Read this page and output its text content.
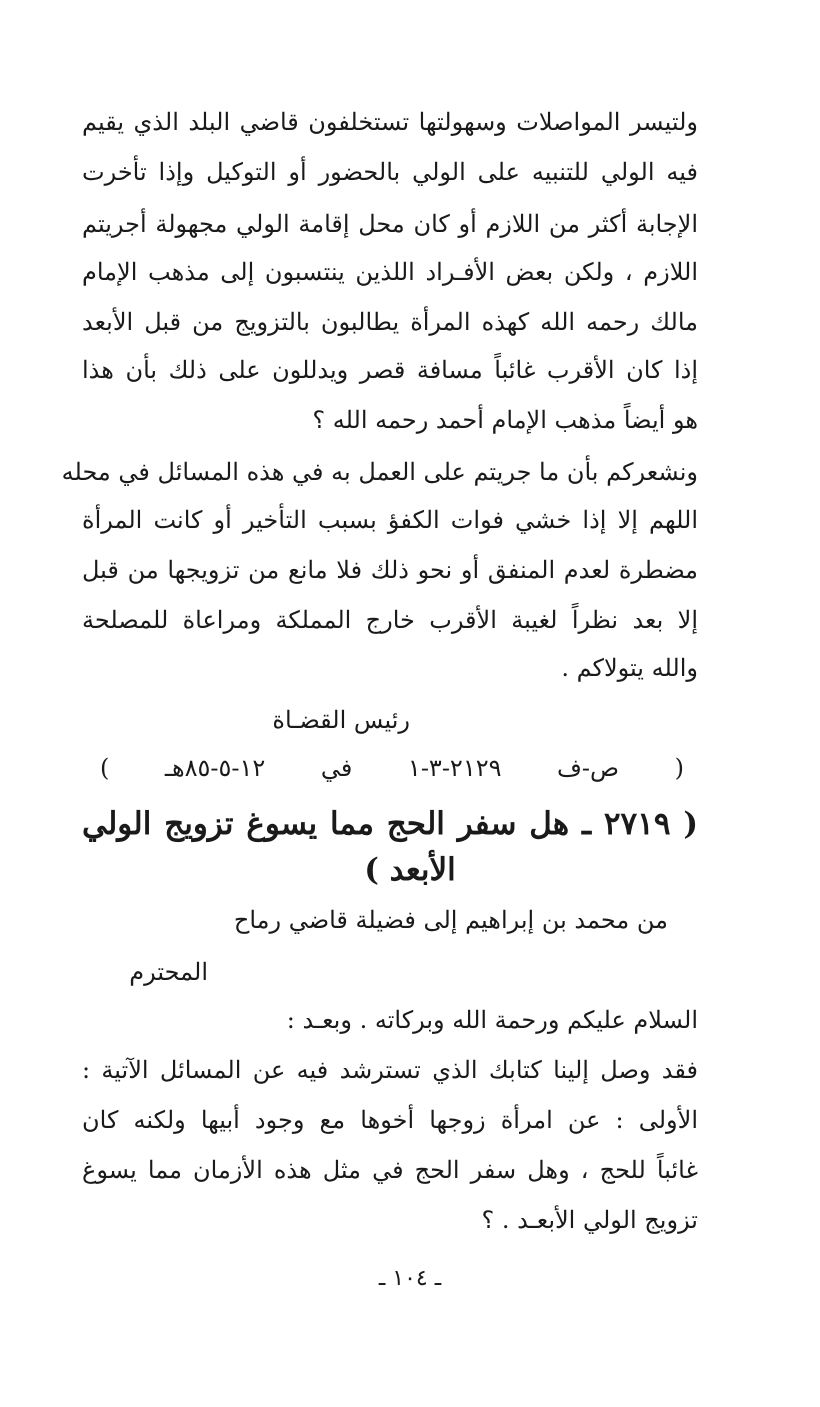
ولتيسر المواصلات وسهولتها تستخلفون قاضي البلد الذي يقيم
فيه الولي للتنبيه على الولي بالحضور أو التوكيل وإذا تأخرت
الإجابة أكثر من اللازم أو كان محل إقامة الولي مجهولة أجريتم
اللازم ، ولكن بعض الأفـراد اللذين ينتسبون إلى مذهب الإمام
مالك رحمه الله كهذه المرأة يطالبون بالتزويج من قبل الأبعد
إذا كان الأقرب غائباً مسافة قصر ويدللون على ذلك بأن هذا
هو أيضاً مذهب الإمام أحمد رحمه الله ؟
ونشعركم بأن ما جريتم على العمل به في هذه المسائل في محله
اللهم إلا إذا خشي فوات الكفؤ بسبب التأخير أو كانت المرأة
مضطرة لعدم المنفق أو نحو ذلك فلا مانع من تزويجها من قبل
إلا بعد نظراً لغيبة الأقرب خارج المملكة ومراعاة للمصلحة
والله يتولاكم .
رئيس القضـاة
( ص-ف ٢١٢٩-٣-١ في ١٢-٥-٨٥هـ )
( ٢٧١٩ ـ هل سفر الحج مما يسوغ تزويج الولي
الأبعد )
من محمد بن إبراهيم إلى فضيلة قاضي رماح
المحترم
السلام عليكم ورحمة الله وبركاته . وبعـد :
فقد وصل إلينا كتابك الذي تسترشد فيه عن المسائل الآتية :
الأولى : عن امرأة زوجها أخوها مع وجود أبيها ولكنه كان
غائباً للحج ، وهل سفر الحج في مثل هذه الأزمان مما يسوغ
تزويج الولي الأبعـد . ؟
ـ ١٠٤ ـ
